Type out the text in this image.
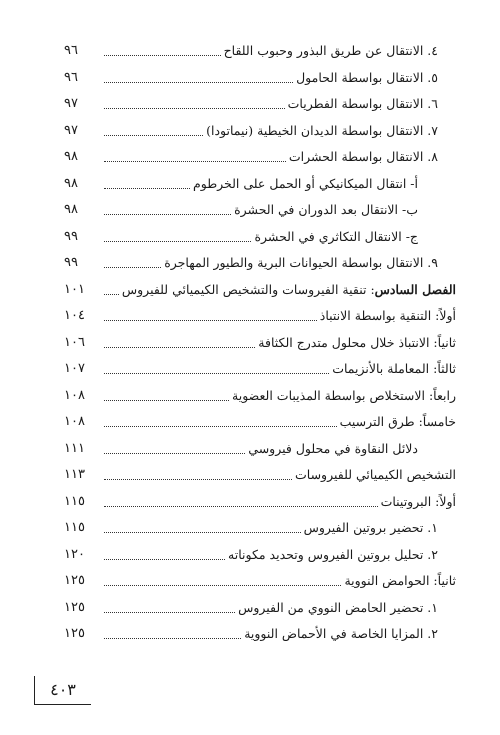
٤. الانتقال عن طريق البذور وحبوب اللقاح
٩٦
٥. الانتقال بواسطة الحامول
٩٦
٦. الانتقال بواسطة الفطريات
٩٧
٧. الانتقال بواسطة الديدان الخيطية (نيماتودا)
٩٧
٨. الانتقال بواسطة الحشرات
٩٨
أ- انتقال الميكانيكي أو الحمل على الخرطوم
٩٨
ب- الانتقال بعد الدوران في الحشرة
٩٨
ج- الانتقال التكاثري في الحشرة
٩٩
٩. الانتقال بواسطة الحيوانات البرية والطيور المهاجرة
٩٩
الفصل السادس: تنقية الفيروسات والتشخيص الكيميائي للفيروس
١٠١
أولاً: التنقية بواسطة الانتباذ
١٠٤
ثانياً: الانتباذ خلال محلول متدرج الكثافة
١٠٦
ثالثاً: المعاملة بالأنزيمات
١٠٧
رابعاً: الاستخلاص بواسطة المذيبات العضوية
١٠٨
خامساً: طرق الترسيب
١٠٨
دلائل النقاوة في محلول فيروسي
١١١
التشخيص الكيميائي للفيروسات
١١٣
أولاً: البروتينات
١١٥
١. تحضير بروتين الفيروس
١١٥
٢. تحليل بروتين الفيروس وتحديد مكوناته
١٢٠
ثانياً: الحوامض النووية
١٢٥
١. تحضير الحامض النووي من الفيروس
١٢٥
٢. المزايا الخاصة في الأحماض النووية
١٢٥
٤٠٣
